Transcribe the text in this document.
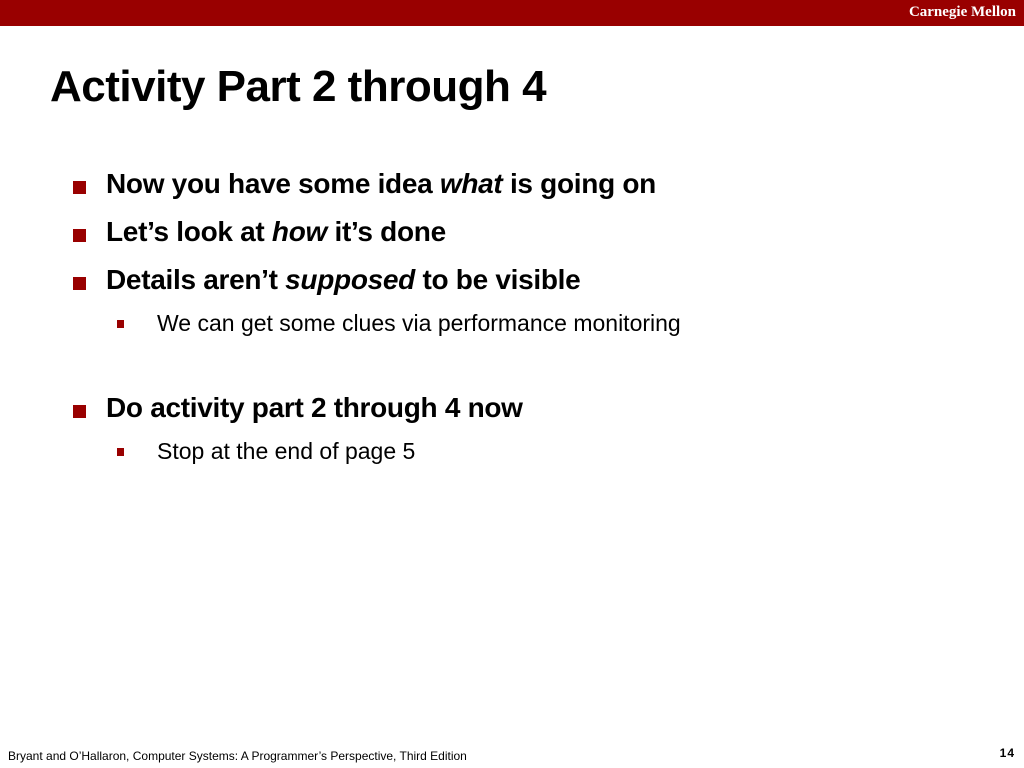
Carnegie Mellon
Activity Part 2 through 4
Now you have some idea what is going on
Let’s look at how it’s done
Details aren’t supposed to be visible
We can get some clues via performance monitoring
Do activity part 2 through 4 now
Stop at the end of page 5
Bryant and O’Hallaron, Computer Systems: A Programmer’s Perspective, Third Edition	14
